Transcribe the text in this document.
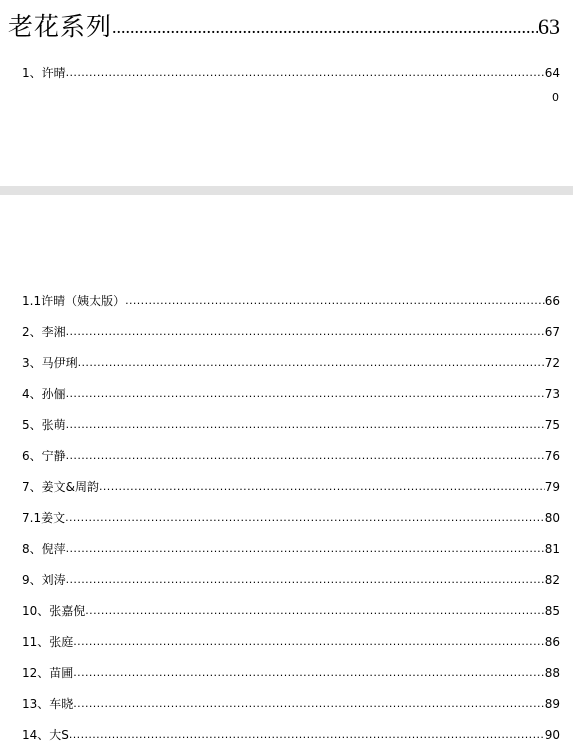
老花系列 .....	63
1、许晴 .....	64
0
1.1许晴（姨太版） .....	66
2、李湘 .....	67
3、马伊琍 .....	72
4、孙俪 .....	73
5、张萌 .....	75
6、宁静 .....	76
7、姜文&周韵 .....	79
7.1姜文 .....	80
8、倪萍 .....	81
9、刘涛 .....	82
10、张嘉倪 .....	85
11、张庭 .....	86
12、苗圃 .....	88
13、车晓 .....	89
14、大S .....	90
